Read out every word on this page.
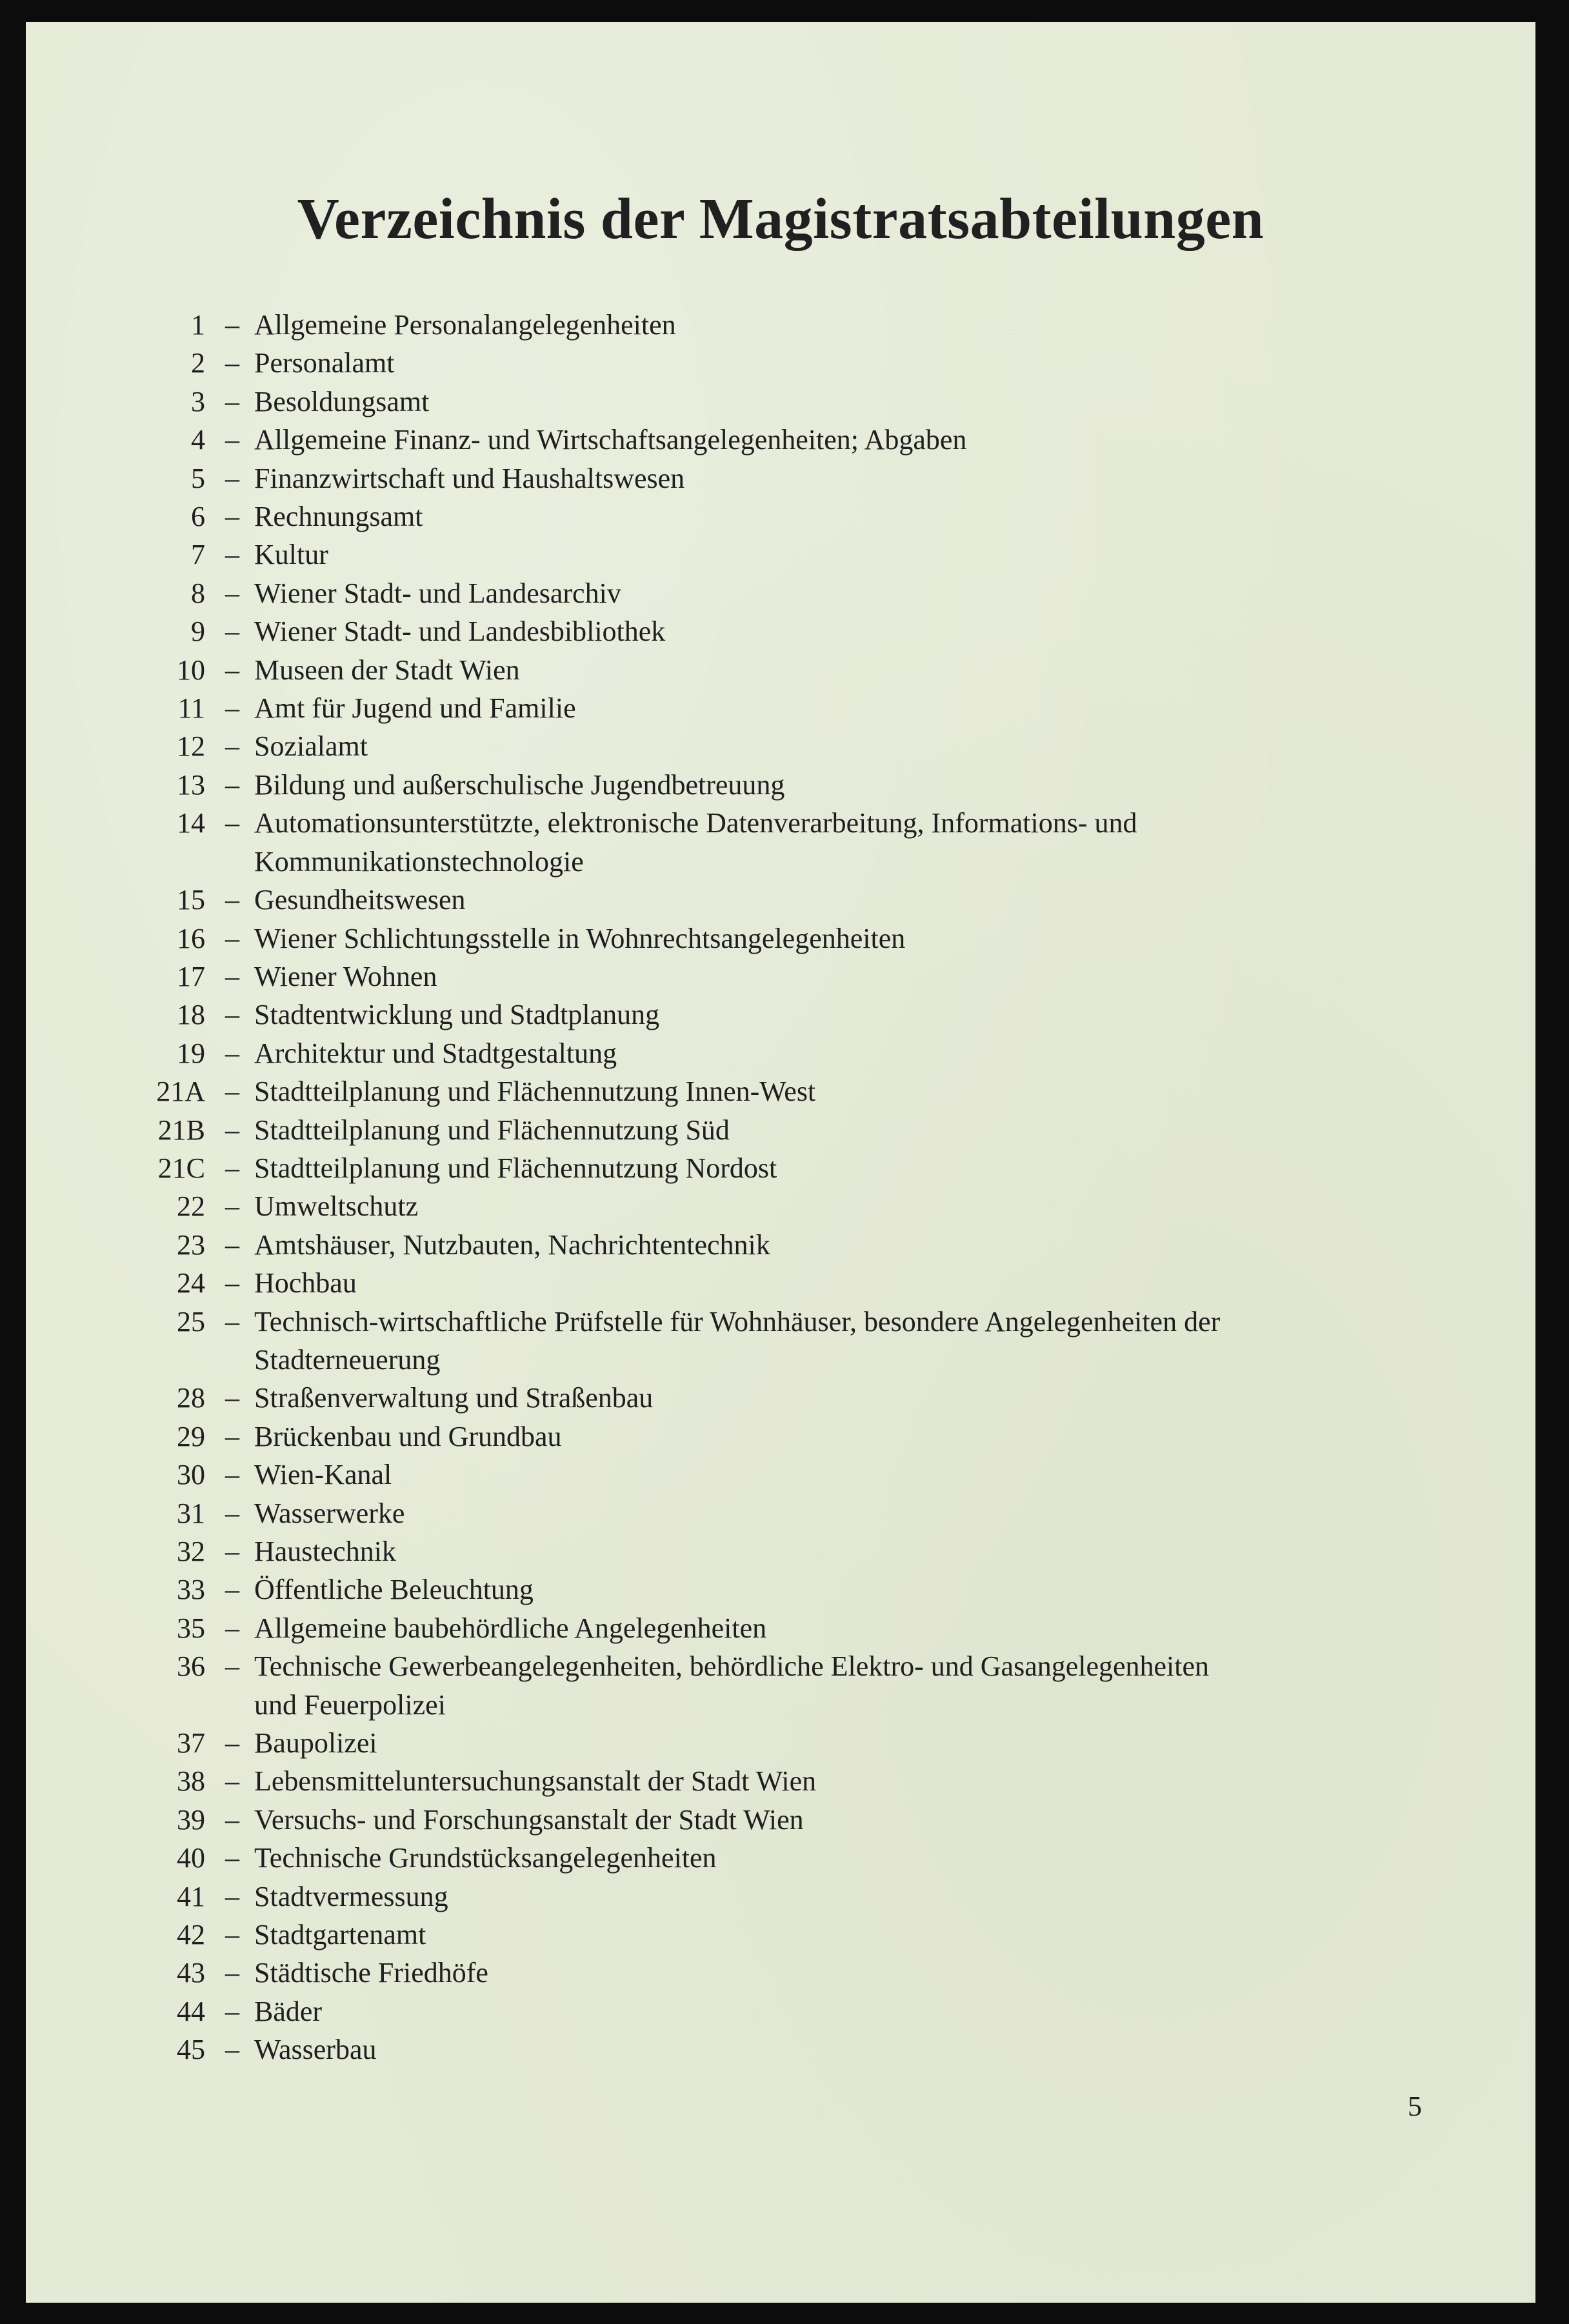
Verzeichnis der Magistratsabteilungen
1 – Allgemeine Personalangelegenheiten
2 – Personalamt
3 – Besoldungsamt
4 – Allgemeine Finanz- und Wirtschaftsangelegenheiten; Abgaben
5 – Finanzwirtschaft und Haushaltswesen
6 – Rechnungsamt
7 – Kultur
8 – Wiener Stadt- und Landesarchiv
9 – Wiener Stadt- und Landesbibliothek
10 – Museen der Stadt Wien
11 – Amt für Jugend und Familie
12 – Sozialamt
13 – Bildung und außerschulische Jugendbetreuung
14 – Automationsunterstützte, elektronische Datenverarbeitung, Informations- und Kommunikationstechnologie
15 – Gesundheitswesen
16 – Wiener Schlichtungsstelle in Wohnrechtsangelegenheiten
17 – Wiener Wohnen
18 – Stadtentwicklung und Stadtplanung
19 – Architektur und Stadtgestaltung
21A – Stadtteilplanung und Flächennutzung Innen-West
21B – Stadtteilplanung und Flächennutzung Süd
21C – Stadtteilplanung und Flächennutzung Nordost
22 – Umweltschutz
23 – Amtshäuser, Nutzbauten, Nachrichtentechnik
24 – Hochbau
25 – Technisch-wirtschaftliche Prüfstelle für Wohnhäuser, besondere Angelegenheiten der Stadterneuerung
28 – Straßenverwaltung und Straßenbau
29 – Brückenbau und Grundbau
30 – Wien-Kanal
31 – Wasserwerke
32 – Haustechnik
33 – Öffentliche Beleuchtung
35 – Allgemeine baubehördliche Angelegenheiten
36 – Technische Gewerbeangelegenheiten, behördliche Elektro- und Gasangelegenheiten und Feuerpolizei
37 – Baupolizei
38 – Lebensmitteluntersuchungsanstalt der Stadt Wien
39 – Versuchs- und Forschungsanstalt der Stadt Wien
40 – Technische Grundstücksangelegenheiten
41 – Stadtvermessung
42 – Stadtgartenamt
43 – Städtische Friedhöfe
44 – Bäder
45 – Wasserbau
5
